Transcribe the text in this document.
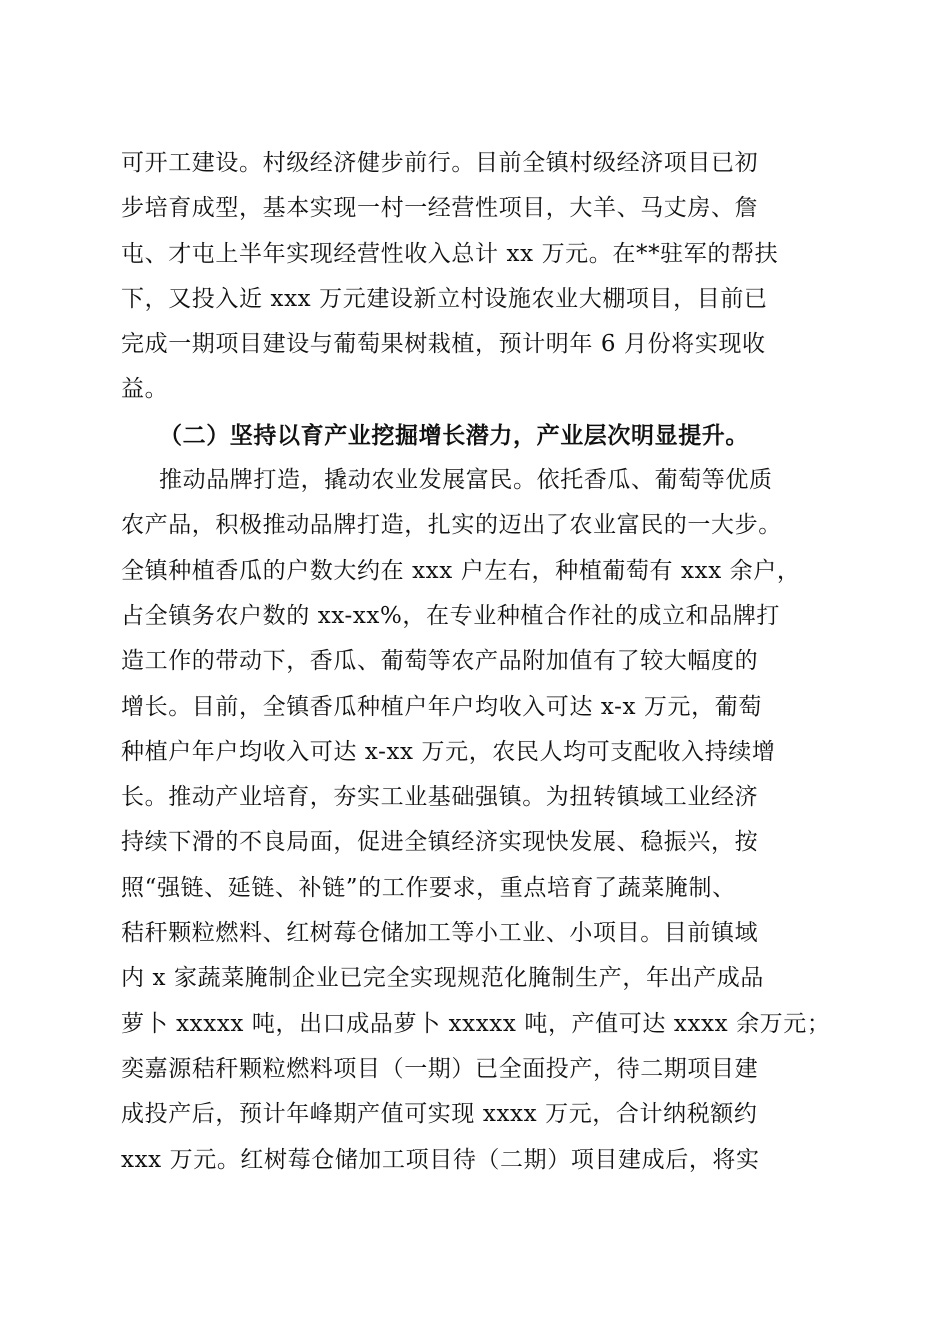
可开工建设。村级经济健步前行。目前全镇村级经济项目已初
步培育成型，基本实现一村一经营性项目，大羊、马丈房、詹
屯、才屯上半年实现经营性收入总计 xx 万元。在**驻军的帮扶
下，又投入近 xxx 万元建设新立村设施农业大棚项目，目前已
完成一期项目建设与葡萄果树栽植，预计明年 6 月份将实现收
益。
（二）坚持以育产业挖掘增长潜力，产业层次明显提升。
推动品牌打造，撬动农业发展富民。依托香瓜、葡萄等优质
农产品，积极推动品牌打造，扎实的迈出了农业富民的一大步。
全镇种植香瓜的户数大约在 xxx 户左右，种植葡萄有 xxx 余户，
占全镇务农户数的 xx-xx%，在专业种植合作社的成立和品牌打
造工作的带动下，香瓜、葡萄等农产品附加值有了较大幅度的
增长。目前，全镇香瓜种植户年户均收入可达 x-x 万元，葡萄
种植户年户均收入可达 x-xx 万元，农民人均可支配收入持续增
长。推动产业培育，夯实工业基础强镇。为扭转镇域工业经济
持续下滑的不良局面，促进全镇经济实现快发展、稳振兴，按
照“强链、延链、补链”的工作要求，重点培育了蔬菜腌制、
秸秆颗粒燃料、红树莓仓储加工等小工业、小项目。目前镇域
内 x 家蔬菜腌制企业已完全实现规范化腌制生产，年出产成品
萝卜 xxxxx 吨，出口成品萝卜 xxxxx 吨，产值可达 xxxx 余万元；
奕嘉源秸秆颗粒燃料项目（一期）已全面投产，待二期项目建
成投产后，预计年峰期产值可实现 xxxx 万元，合计纳税额约
xxx 万元。红树莓仓储加工项目待（二期）项目建成后，将实
